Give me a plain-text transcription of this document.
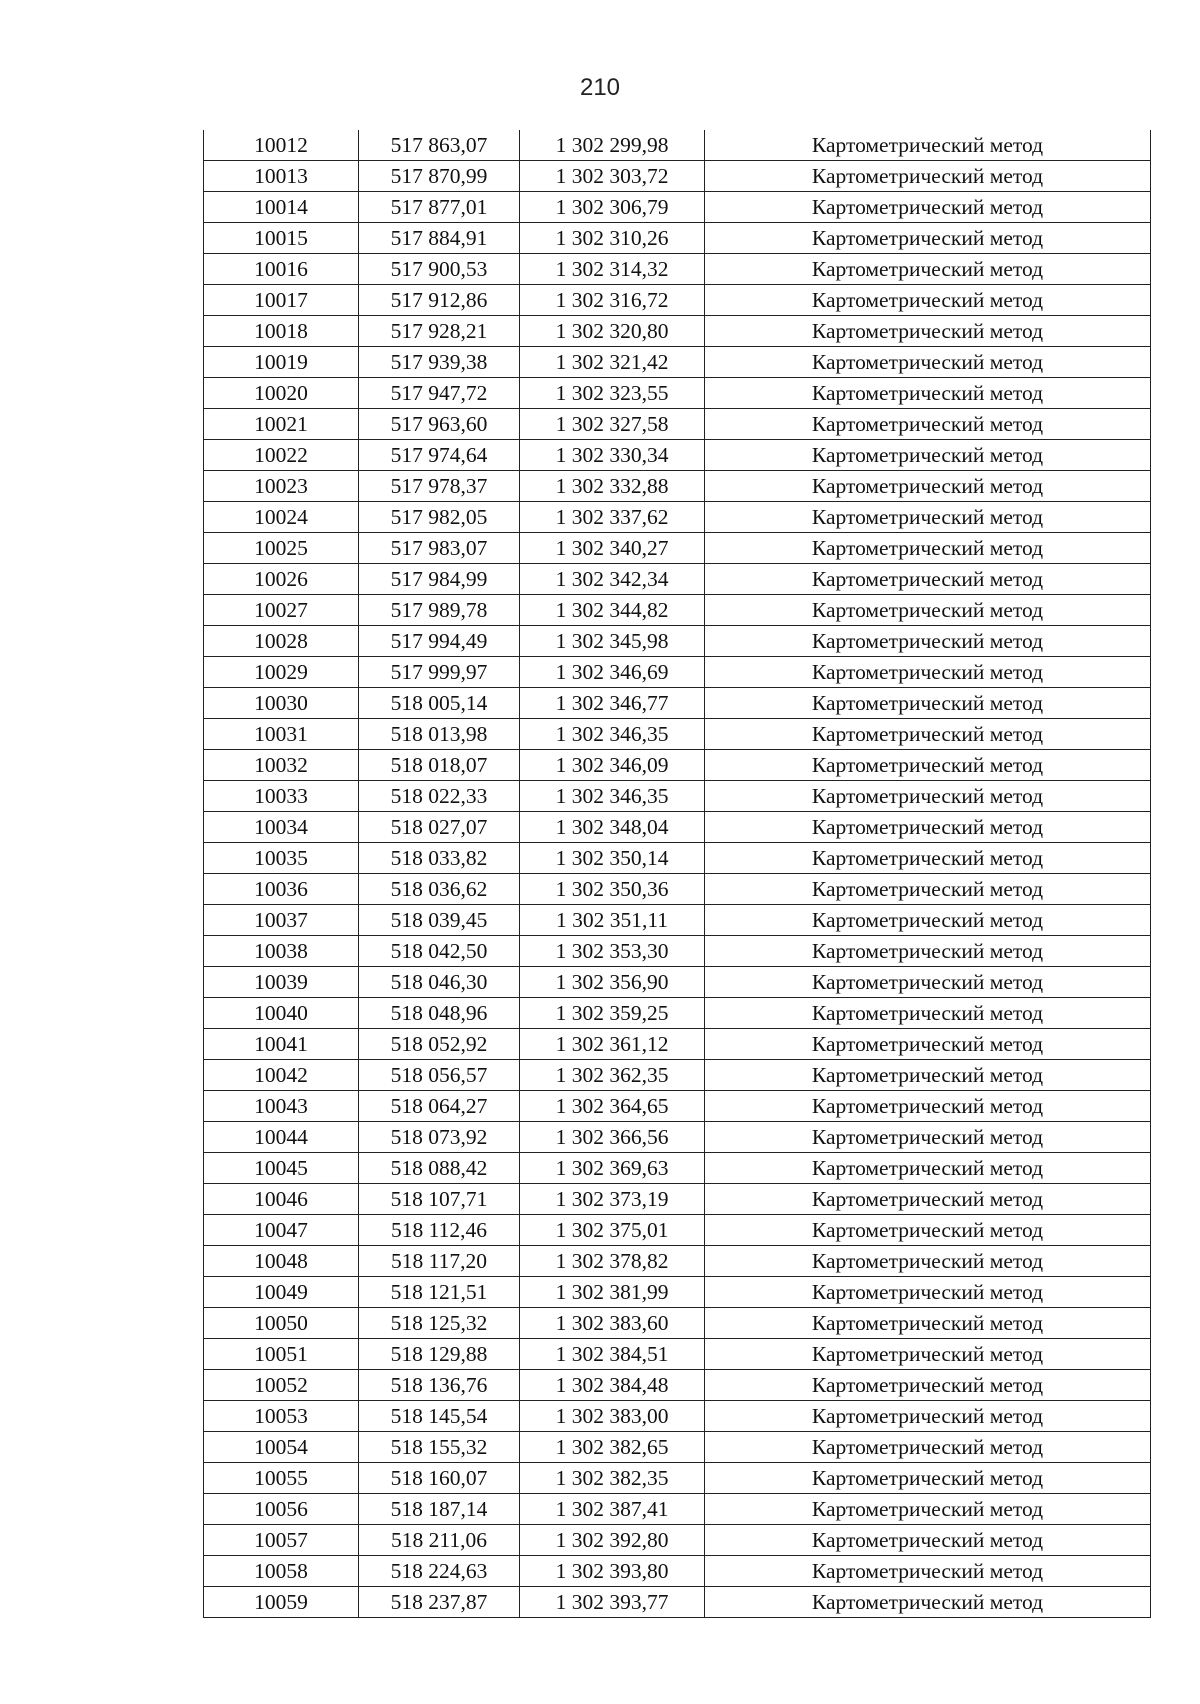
210
10012	517 863,07	1 302 299,98	Картометрический метод
10013	517 870,99	1 302 303,72	Картометрический метод
10014	517 877,01	1 302 306,79	Картометрический метод
10015	517 884,91	1 302 310,26	Картометрический метод
10016	517 900,53	1 302 314,32	Картометрический метод
10017	517 912,86	1 302 316,72	Картометрический метод
10018	517 928,21	1 302 320,80	Картометрический метод
10019	517 939,38	1 302 321,42	Картометрический метод
10020	517 947,72	1 302 323,55	Картометрический метод
10021	517 963,60	1 302 327,58	Картометрический метод
10022	517 974,64	1 302 330,34	Картометрический метод
10023	517 978,37	1 302 332,88	Картометрический метод
10024	517 982,05	1 302 337,62	Картометрический метод
10025	517 983,07	1 302 340,27	Картометрический метод
10026	517 984,99	1 302 342,34	Картометрический метод
10027	517 989,78	1 302 344,82	Картометрический метод
10028	517 994,49	1 302 345,98	Картометрический метод
10029	517 999,97	1 302 346,69	Картометрический метод
10030	518 005,14	1 302 346,77	Картометрический метод
10031	518 013,98	1 302 346,35	Картометрический метод
10032	518 018,07	1 302 346,09	Картометрический метод
10033	518 022,33	1 302 346,35	Картометрический метод
10034	518 027,07	1 302 348,04	Картометрический метод
10035	518 033,82	1 302 350,14	Картометрический метод
10036	518 036,62	1 302 350,36	Картометрический метод
10037	518 039,45	1 302 351,11	Картометрический метод
10038	518 042,50	1 302 353,30	Картометрический метод
10039	518 046,30	1 302 356,90	Картометрический метод
10040	518 048,96	1 302 359,25	Картометрический метод
10041	518 052,92	1 302 361,12	Картометрический метод
10042	518 056,57	1 302 362,35	Картометрический метод
10043	518 064,27	1 302 364,65	Картометрический метод
10044	518 073,92	1 302 366,56	Картометрический метод
10045	518 088,42	1 302 369,63	Картометрический метод
10046	518 107,71	1 302 373,19	Картометрический метод
10047	518 112,46	1 302 375,01	Картометрический метод
10048	518 117,20	1 302 378,82	Картометрический метод
10049	518 121,51	1 302 381,99	Картометрический метод
10050	518 125,32	1 302 383,60	Картометрический метод
10051	518 129,88	1 302 384,51	Картометрический метод
10052	518 136,76	1 302 384,48	Картометрический метод
10053	518 145,54	1 302 383,00	Картометрический метод
10054	518 155,32	1 302 382,65	Картометрический метод
10055	518 160,07	1 302 382,35	Картометрический метод
10056	518 187,14	1 302 387,41	Картометрический метод
10057	518 211,06	1 302 392,80	Картометрический метод
10058	518 224,63	1 302 393,80	Картометрический метод
10059	518 237,87	1 302 393,77	Картометрический метод
